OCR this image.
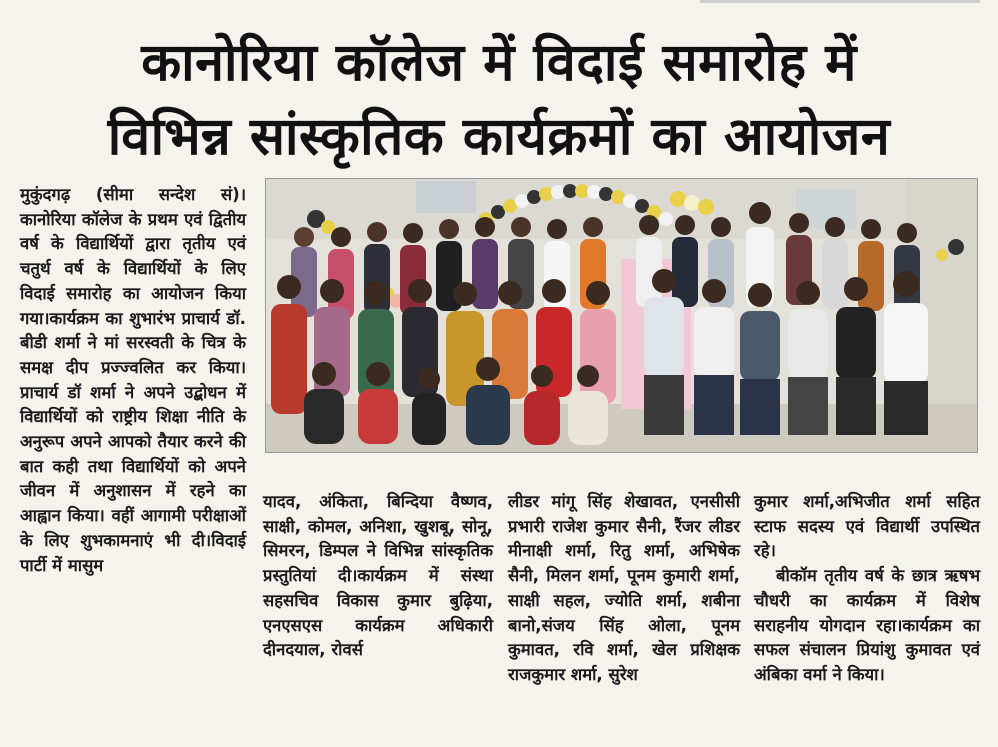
कानोरिया कॉलेज में विदाई समारोह में
विभिन्न सांस्कृतिक कार्यक्रमों का आयोजन

मुकुंदगढ़ (सीमा सन्देश सं)। कानोरिया कॉलेज के प्रथम एवं द्वितीय वर्ष के विद्यार्थियों द्वारा तृतीय एवं चतुर्थ वर्ष के विद्यार्थियों के लिए विदाई समारोह का आयोजन किया गया।कार्यक्रम का शुभारंभ प्राचार्य डॉ. बीडी शर्मा ने मां सरस्वती के चित्र के समक्ष दीप प्रज्ज्वलित कर किया।प्राचार्य डॉ शर्मा ने अपने उद्बोधन में विद्यार्थियों को राष्ट्रीय शिक्षा नीति के अनुरूप अपने आपको तैयार करने की बात कही तथा विद्यार्थियों को अपने जीवन में अनुशासन में रहने का आह्वान किया। वहीं आगामी परीक्षाओं के लिए शुभकामनाएं भी दी।विदाई पार्टी में मासुम

यादव, अंकिता, बिन्दिया वैष्णव, साक्षी, कोमल, अनिशा, खुशबू, सोनू, सिमरन, डिम्पल ने विभिन्न सांस्कृतिक प्रस्तुतियां दी।कार्यक्रम में संस्था सहसचिव विकास कुमार बुढ़िया, एनएसएस कार्यक्रम अधिकारी दीनदयाल, रोवर्स

लीडर मांगू सिंह शेखावत, एनसीसी प्रभारी राजेश कुमार सैनी, रैंजर लीडर मीनाक्षी शर्मा, रितु शर्मा, अभिषेक सैनी, मिलन शर्मा, पूनम कुमारी शर्मा, साक्षी सहल, ज्योति शर्मा, शबीना बानो,संजय सिंह ओला, पूनम कुमावत, रवि शर्मा, खेल प्रशिक्षक राजकुमार शर्मा, सुरेश

कुमार शर्मा,अभिजीत शर्मा सहित स्टाफ सदस्य एवं विद्यार्थी उपस्थित रहे।

बीकॉम तृतीय वर्ष के छात्र ऋषभ चौधरी का कार्यक्रम में विशेष सराहनीय योगदान रहा।कार्यक्रम का सफल संचालन प्रियांशु कुमावत एवं अंबिका वर्मा ने किया।
